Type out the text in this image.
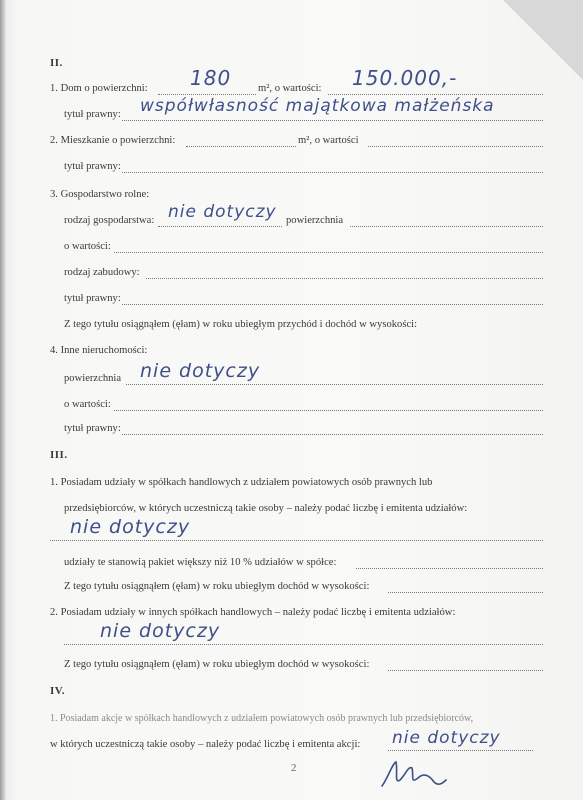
II.
1. Dom o powierzchni: 180	m², o wartości: 150.000,-
tytuł prawny: współwłasność majątkowa małżeńska
2. Mieszkanie o powierzchni:	m², o wartości
tytuł prawny:
3. Gospodarstwo rolne:
rodzaj gospodarstwa: nie dotyczy powierzchnia
o wartości:
rodzaj zabudowy:
tytuł prawny:
Z tego tytułu osiągnąłem (ęłam) w roku ubiegłym przychód i dochód w wysokości:
4. Inne nieruchomości:
powierzchnia nie dotyczy
o wartości:
tytuł prawny:
III.
1. Posiadam udziały w spółkach handlowych z udziałem powiatowych osób prawnych lub
przedsiębiorców, w których uczestniczą takie osoby – należy podać liczbę i emitenta udziałów:
nie dotyczy
udziały te stanowią pakiet większy niż 10 % udziałów w spółce:
Z tego tytułu osiągnąłem (ęłam) w roku ubiegłym dochód w wysokości:
2. Posiadam udziały w innych spółkach handlowych – należy podać liczbę i emitenta udziałów:
nie dotyczy
Z tego tytułu osiągnąłem (ęłam) w roku ubiegłym dochód w wysokości:
IV.
1. Posiadam akcje w spółkach handlowych z udziałem powiatowych osób prawnych lub przedsiębiorców,
w których uczestniczą takie osoby – należy podać liczbę i emitenta akcji: nie dotyczy
2
